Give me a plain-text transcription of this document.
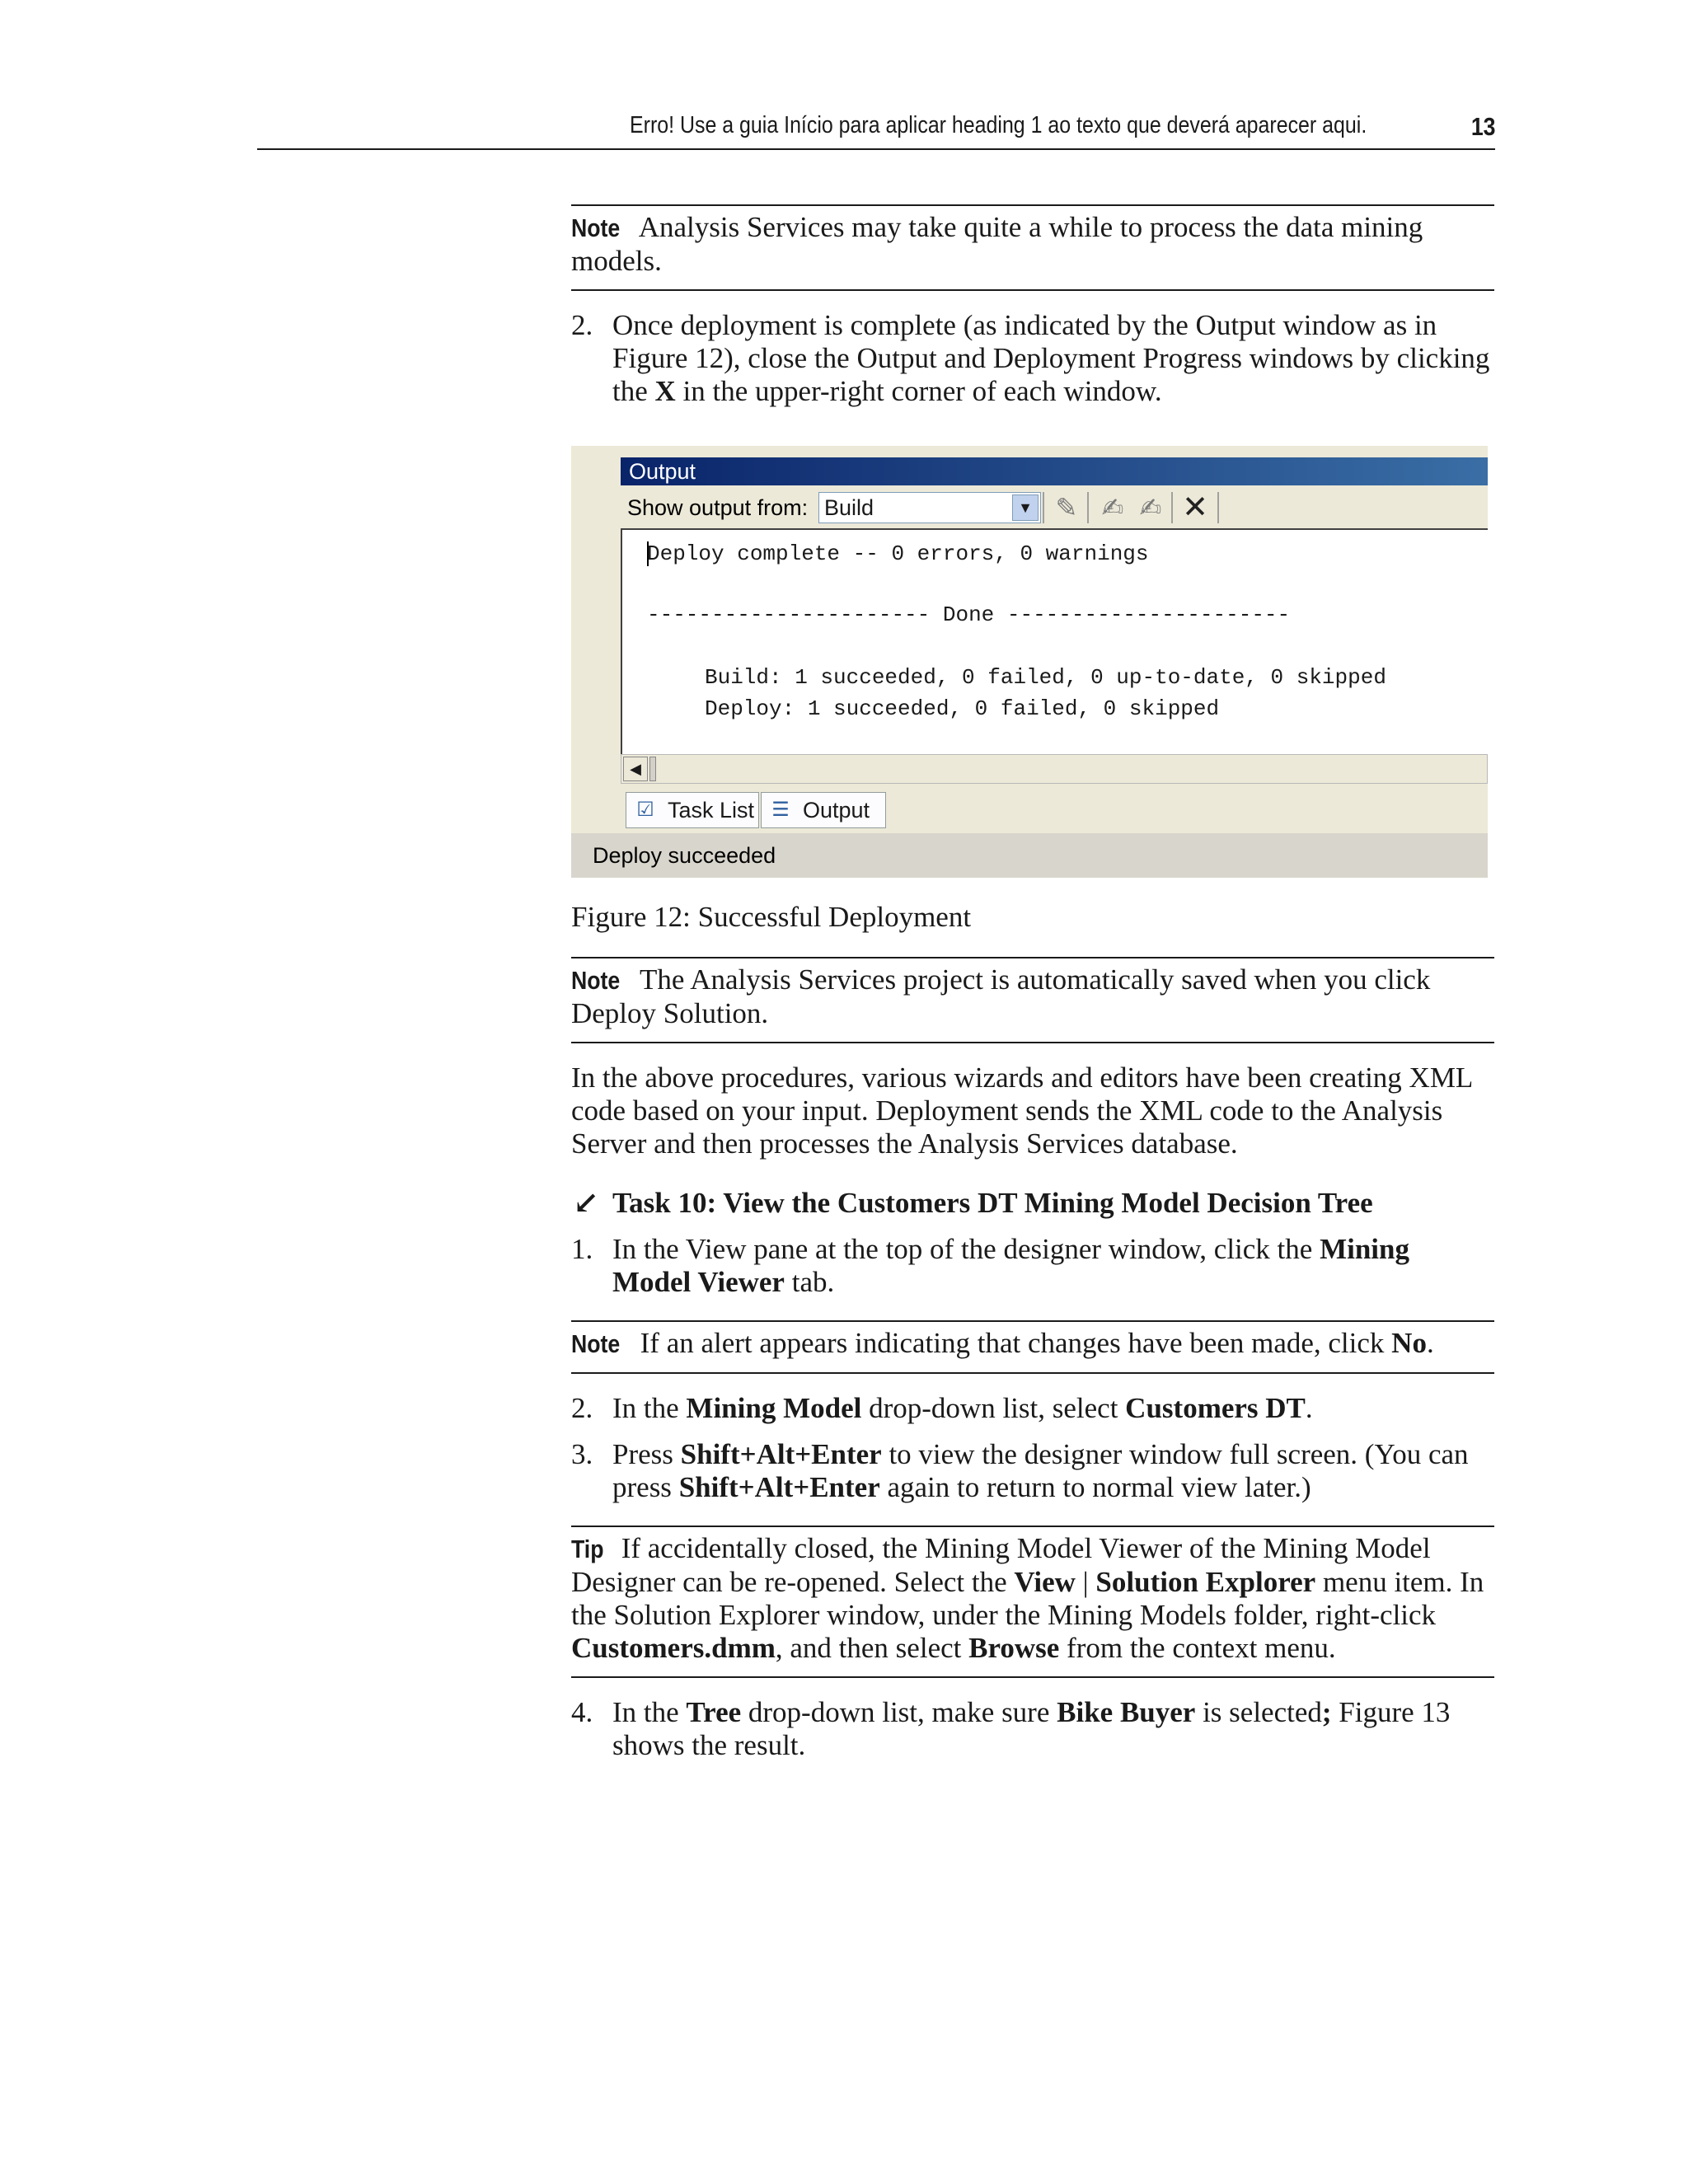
Erro! Use a guia Início para aplicar heading 1 ao texto que deverá aparecer aqui.	13
Note Analysis Services may take quite a while to process the data mining models.
2. Once deployment is complete (as indicated by the Output window as in Figure 12), close the Output and Deployment Progress windows by clicking the X in the upper-right corner of each window.
Output
Show output from: Build	▼ ✎ ✍ ✍ ✕
Deploy complete -- 0 errors, 0 warnings
---------------------- Done ----------------------
Build: 1 succeeded, 0 failed, 0 up-to-date, 0 skipped
Deploy: 1 succeeded, 0 failed, 0 skipped
◀
☑ Task List ☰ Output
Deploy succeeded

Figure 12: Successful Deployment

Note The Analysis Services project is automatically saved when you click Deploy Solution.

In the above procedures, various wizards and editors have been creating XML code based on your input. Deployment sends the XML code to the Analysis Server and then processes the Analysis Services database.

↙ Task 10: View the Customers DT Mining Model Decision Tree
1. In the View pane at the top of the designer window, click the Mining Model Viewer tab.
Note If an alert appears indicating that changes have been made, click No.
2. In the Mining Model drop-down list, select Customers DT.
3. Press Shift+Alt+Enter to view the designer window full screen. (You can press Shift+Alt+Enter again to return to normal view later.)
Tip If accidentally closed, the Mining Model Viewer of the Mining Model Designer can be re-opened. Select the View | Solution Explorer menu item. In the Solution Explorer window, under the Mining Models folder, right-click Customers.dmm, and then select Browse from the context menu.
4. In the Tree drop-down list, make sure Bike Buyer is selected; Figure 13 shows the result.
